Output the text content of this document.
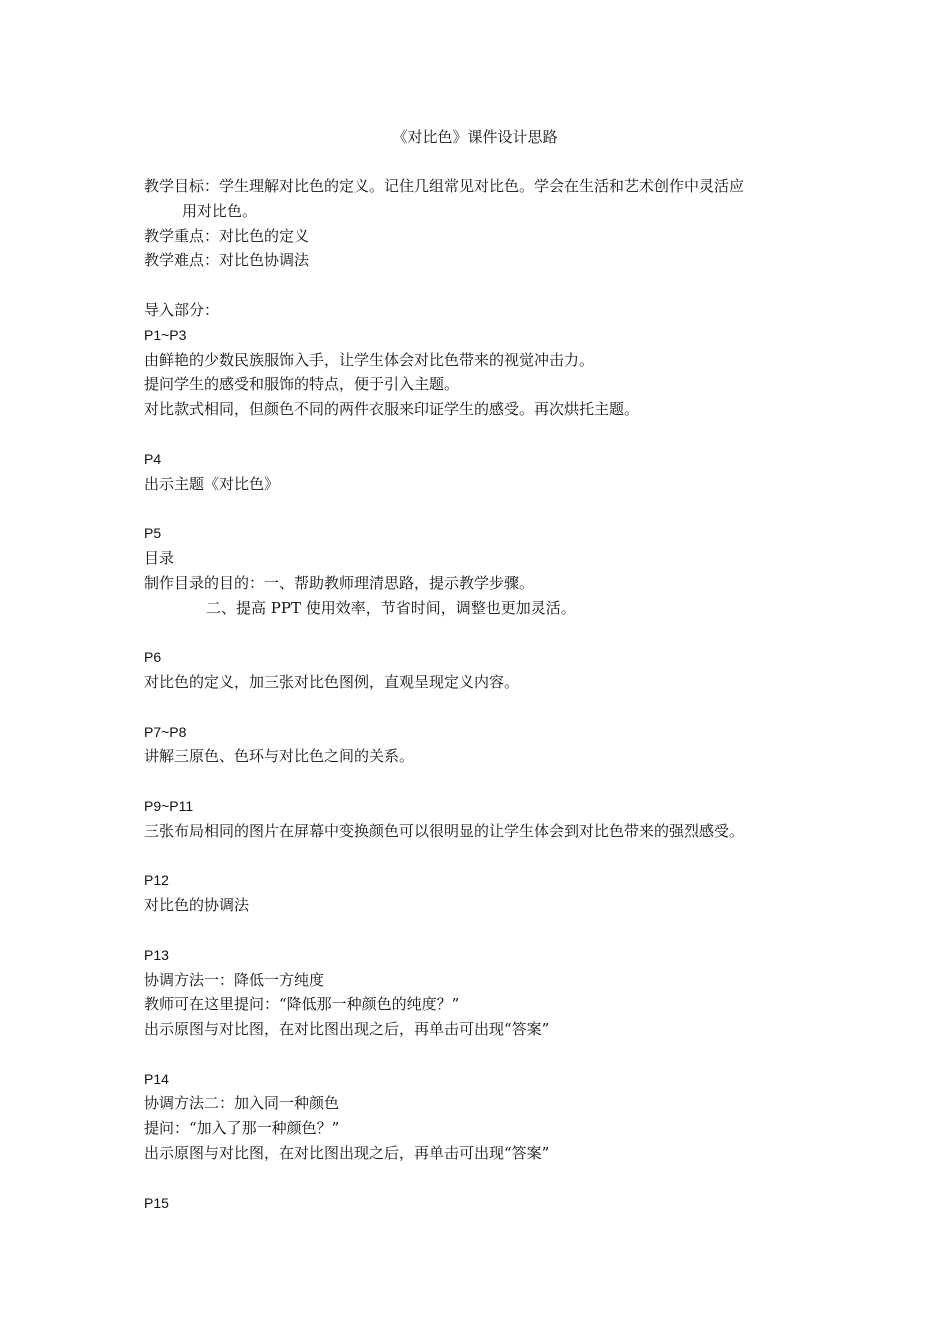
《对比色》课件设计思路
教学目标：学生理解对比色的定义。记住几组常见对比色。学会在生活和艺术创作中灵活应
用对比色。
教学重点：对比色的定义
教学难点：对比色协调法
导入部分：
P1~P3
由鲜艳的少数民族服饰入手，让学生体会对比色带来的视觉冲击力。
提问学生的感受和服饰的特点，便于引入主题。
对比款式相同，但颜色不同的两件衣服来印证学生的感受。再次烘托主题。
P4
出示主题《对比色》
P5
目录
制作目录的目的：一、帮助教师理清思路，提示教学步骤。
二、提高 PPT 使用效率，节省时间，调整也更加灵活。
P6
对比色的定义，加三张对比色图例，直观呈现定义内容。
P7~P8
讲解三原色、色环与对比色之间的关系。
P9~P11
三张布局相同的图片在屏幕中变换颜色可以很明显的让学生体会到对比色带来的强烈感受。
P12
对比色的协调法
P13
协调方法一：降低一方纯度
教师可在这里提问：“降低那一种颜色的纯度？”
出示原图与对比图，在对比图出现之后，再单击可出现“答案”
P14
协调方法二：加入同一种颜色
提问：“加入了那一种颜色？”
出示原图与对比图，在对比图出现之后，再单击可出现“答案”
P15
